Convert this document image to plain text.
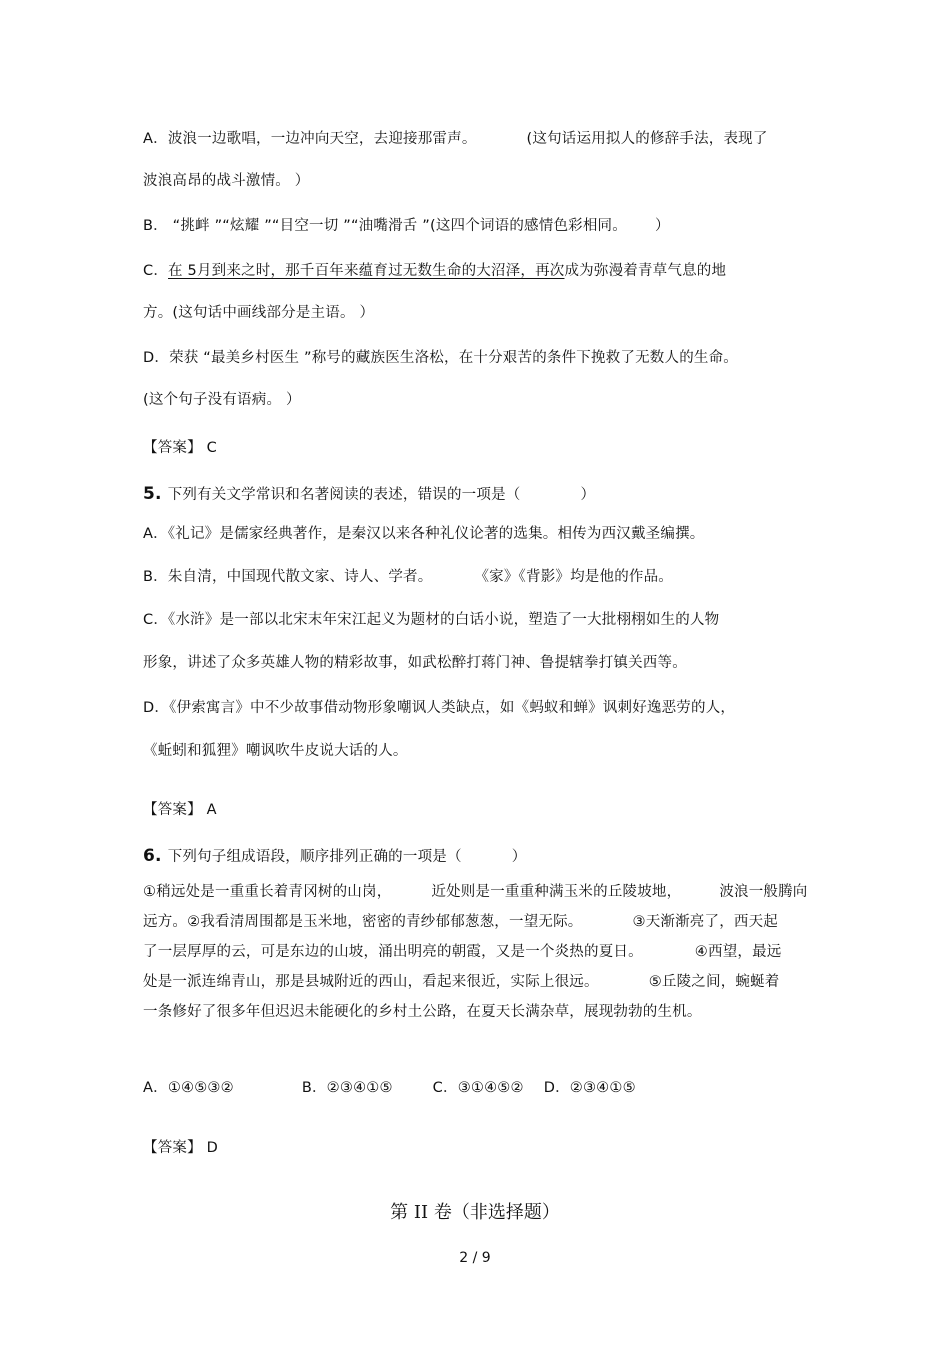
A．波浪一边歌唱，一边冲向天空，去迎接那雷声。	(这句话运用拟人的修辞手法，表现了
波浪高昂的战斗激情。 ）
B． “挑衅 ”“炫耀 ”“目空一切 ”“油嘴滑舌 ”(这四个词语的感情色彩相同。 ）
C．在 5月到来之时，那千百年来蕴育过无数生命的大沼泽，再次成为弥漫着青草气息的地
方。(这句话中画线部分是主语。 ）
D．荣获 “最美乡村医生 ”称号的藏族医生洛松，在十分艰苦的条件下挽救了无数人的生命。
(这个句子没有语病。 ）
【答案】 C
5. 下列有关文学常识和名著阅读的表述，错误的一项是（	）
A．《礼记》是儒家经典著作，是秦汉以来各种礼仪论著的选集。相传为西汉戴圣编撰。
B．朱自清，中国现代散文家、诗人、学者。	《家》《背影》均是他的作品。
C．《水浒》是一部以北宋末年宋江起义为题材的白话小说，塑造了一大批栩栩如生的人物
形象，讲述了众多英雄人物的精彩故事，如武松醉打蒋门神、鲁提辖拳打镇关西等。
D．《伊索寓言》中不少故事借动物形象嘲讽人类缺点，如《蚂蚁和蝉》讽刺好逸恶劳的人，
《蚯蚓和狐狸》嘲讽吹牛皮说大话的人。
【答案】 A
6. 下列句子组成语段，顺序排列正确的一项是（	）
①稍远处是一重重长着青冈树的山岗，	近处则是一重重种满玉米的丘陵坡地，	波浪一般腾向
远方。②我看清周围都是玉米地，密密的青纱郁郁葱葱，一望无际。	③天渐渐亮了，西天起
了一层厚厚的云，可是东边的山坡，涌出明亮的朝霞，又是一个炎热的夏日。	④西望，最远
处是一派连绵青山，那是县城附近的西山，看起来很近，实际上很远。	⑤丘陵之间，蜿蜒着
一条修好了很多年但迟迟未能硬化的乡村土公路，在夏天长满杂草，展现勃勃的生机。
A．①④⑤③②	B．②③④①⑤	C．③①④⑤② D．②③④①⑤
【答案】 D
第 II 卷（非选择题）
2 / 9
